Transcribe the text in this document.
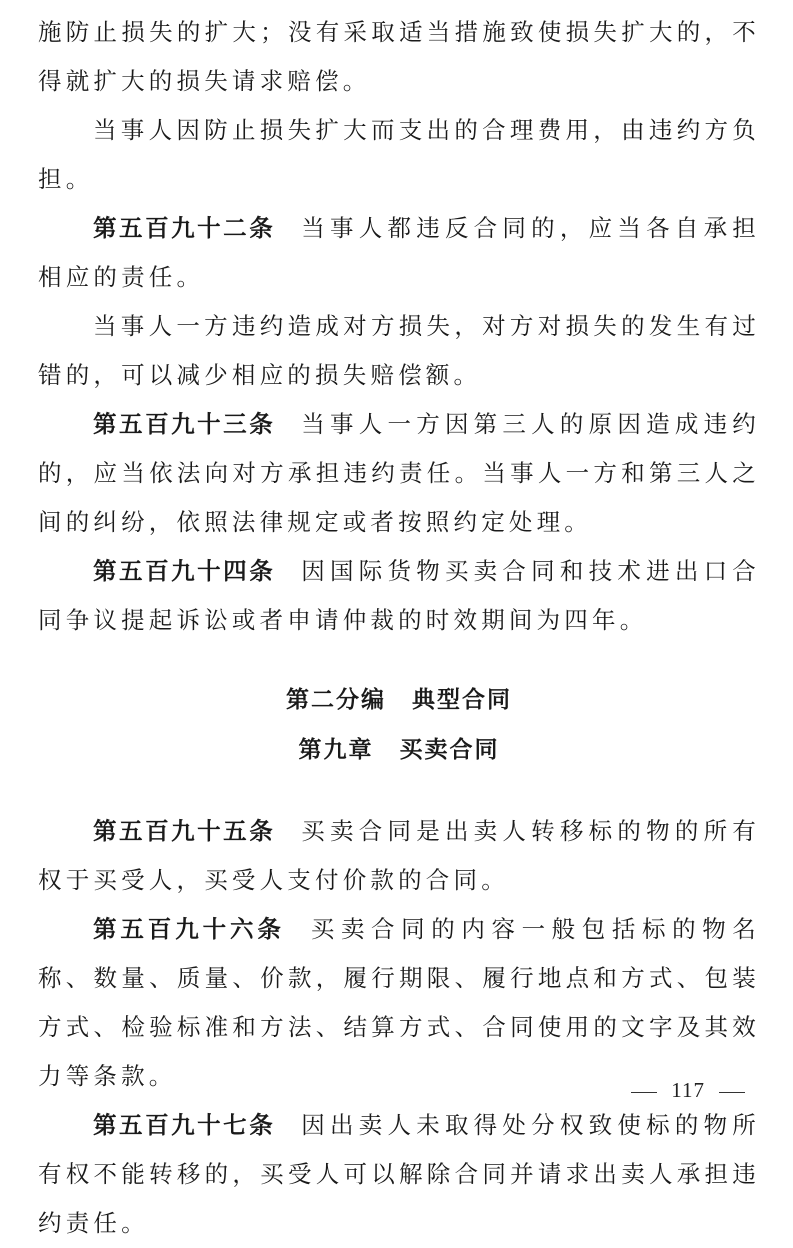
施防止损失的扩大；没有采取适当措施致使损失扩大的，不得就扩大的损失请求赔偿。

当事人因防止损失扩大而支出的合理费用，由违约方负担。

第五百九十二条 当事人都违反合同的，应当各自承担相应的责任。

当事人一方违约造成对方损失，对方对损失的发生有过错的，可以减少相应的损失赔偿额。

第五百九十三条 当事人一方因第三人的原因造成违约的，应当依法向对方承担违约责任。当事人一方和第三人之间的纠纷，依照法律规定或者按照约定处理。

第五百九十四条 因国际货物买卖合同和技术进出口合同争议提起诉讼或者申请仲裁的时效期间为四年。

第二分编 典型合同

第九章 买卖合同

第五百九十五条 买卖合同是出卖人转移标的物的所有权于买受人，买受人支付价款的合同。

第五百九十六条 买卖合同的内容一般包括标的物名称、数量、质量、价款，履行期限、履行地点和方式、包装方式、检验标准和方法、结算方式、合同使用的文字及其效力等条款。

第五百九十七条 因出卖人未取得处分权致使标的物所有权不能转移的，买受人可以解除合同并请求出卖人承担违约责任。

117
